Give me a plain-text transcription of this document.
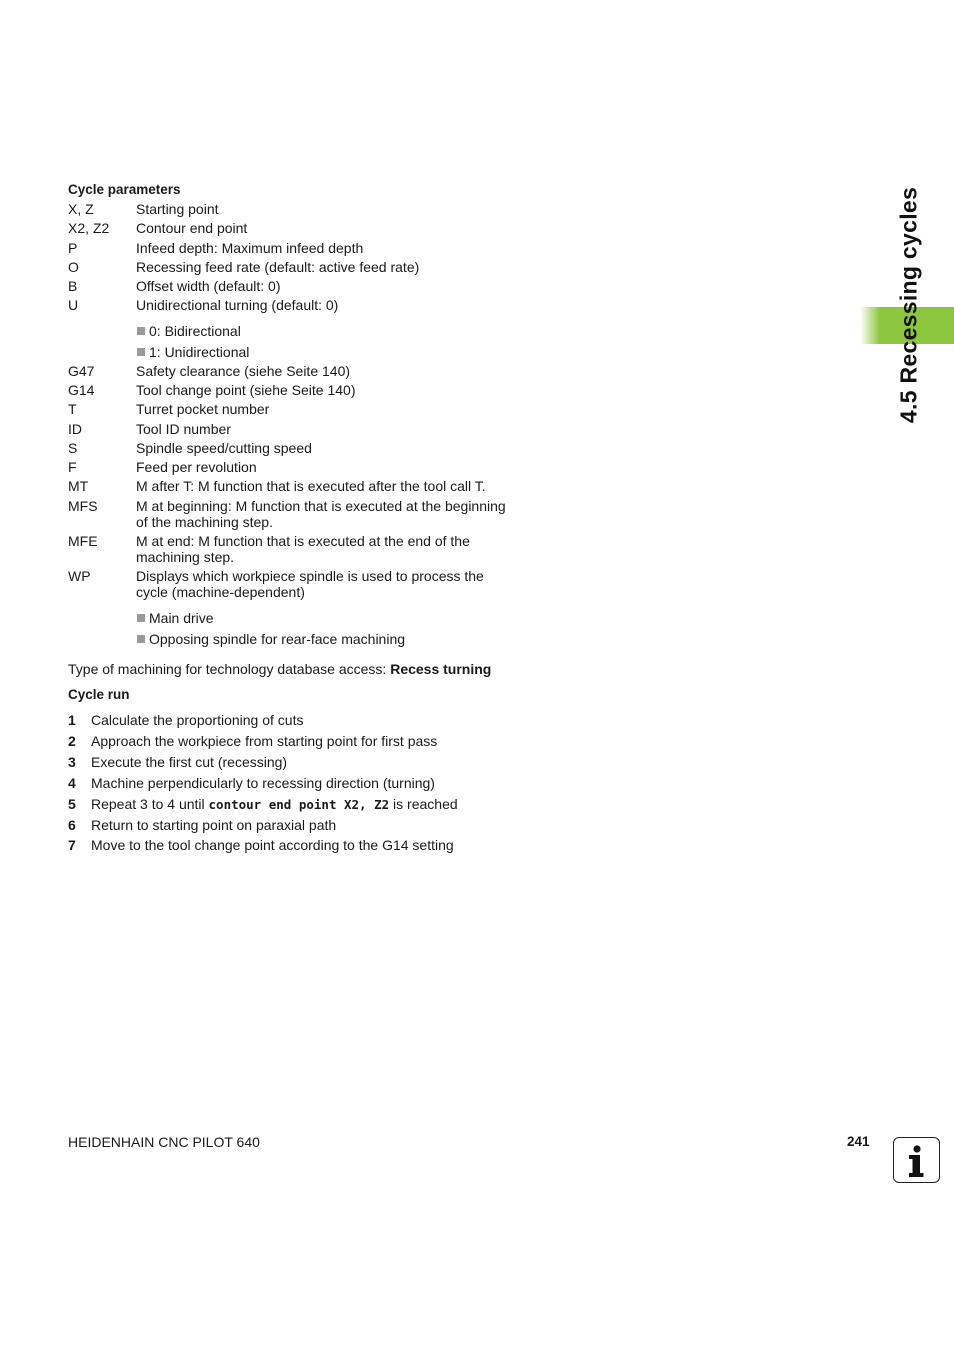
4.5 Recessing cycles

Cycle parameters

X, Z	Starting point
X2, Z2	Contour end point
P	Infeed depth: Maximum infeed depth
O	Recessing feed rate (default: active feed rate)
B	Offset width (default: 0)
U	Unidirectional turning (default: 0)
0: Bidirectional
1: Unidirectional
G47	Safety clearance (siehe Seite 140)
G14	Tool change point (siehe Seite 140)
T	Turret pocket number
ID	Tool ID number
S	Spindle speed/cutting speed
F	Feed per revolution
MT	M after T: M function that is executed after the tool call T.
MFS	M at beginning: M function that is executed at the beginning of the machining step.
MFE	M at end: M function that is executed at the end of the machining step.
WP	Displays which workpiece spindle is used to process the cycle (machine-dependent)
Main drive
Opposing spindle for rear-face machining
Type of machining for technology database access: Recess turning

Cycle run

1	Calculate the proportioning of cuts
2	Approach the workpiece from starting point for first pass
3	Execute the first cut (recessing)
4	Machine perpendicularly to recessing direction (turning)
5	Repeat 3 to 4 until contour end point X2, Z2 is reached
6	Return to starting point on paraxial path
7	Move to the tool change point according to the G14 setting
HEIDENHAIN CNC PILOT 640	241
